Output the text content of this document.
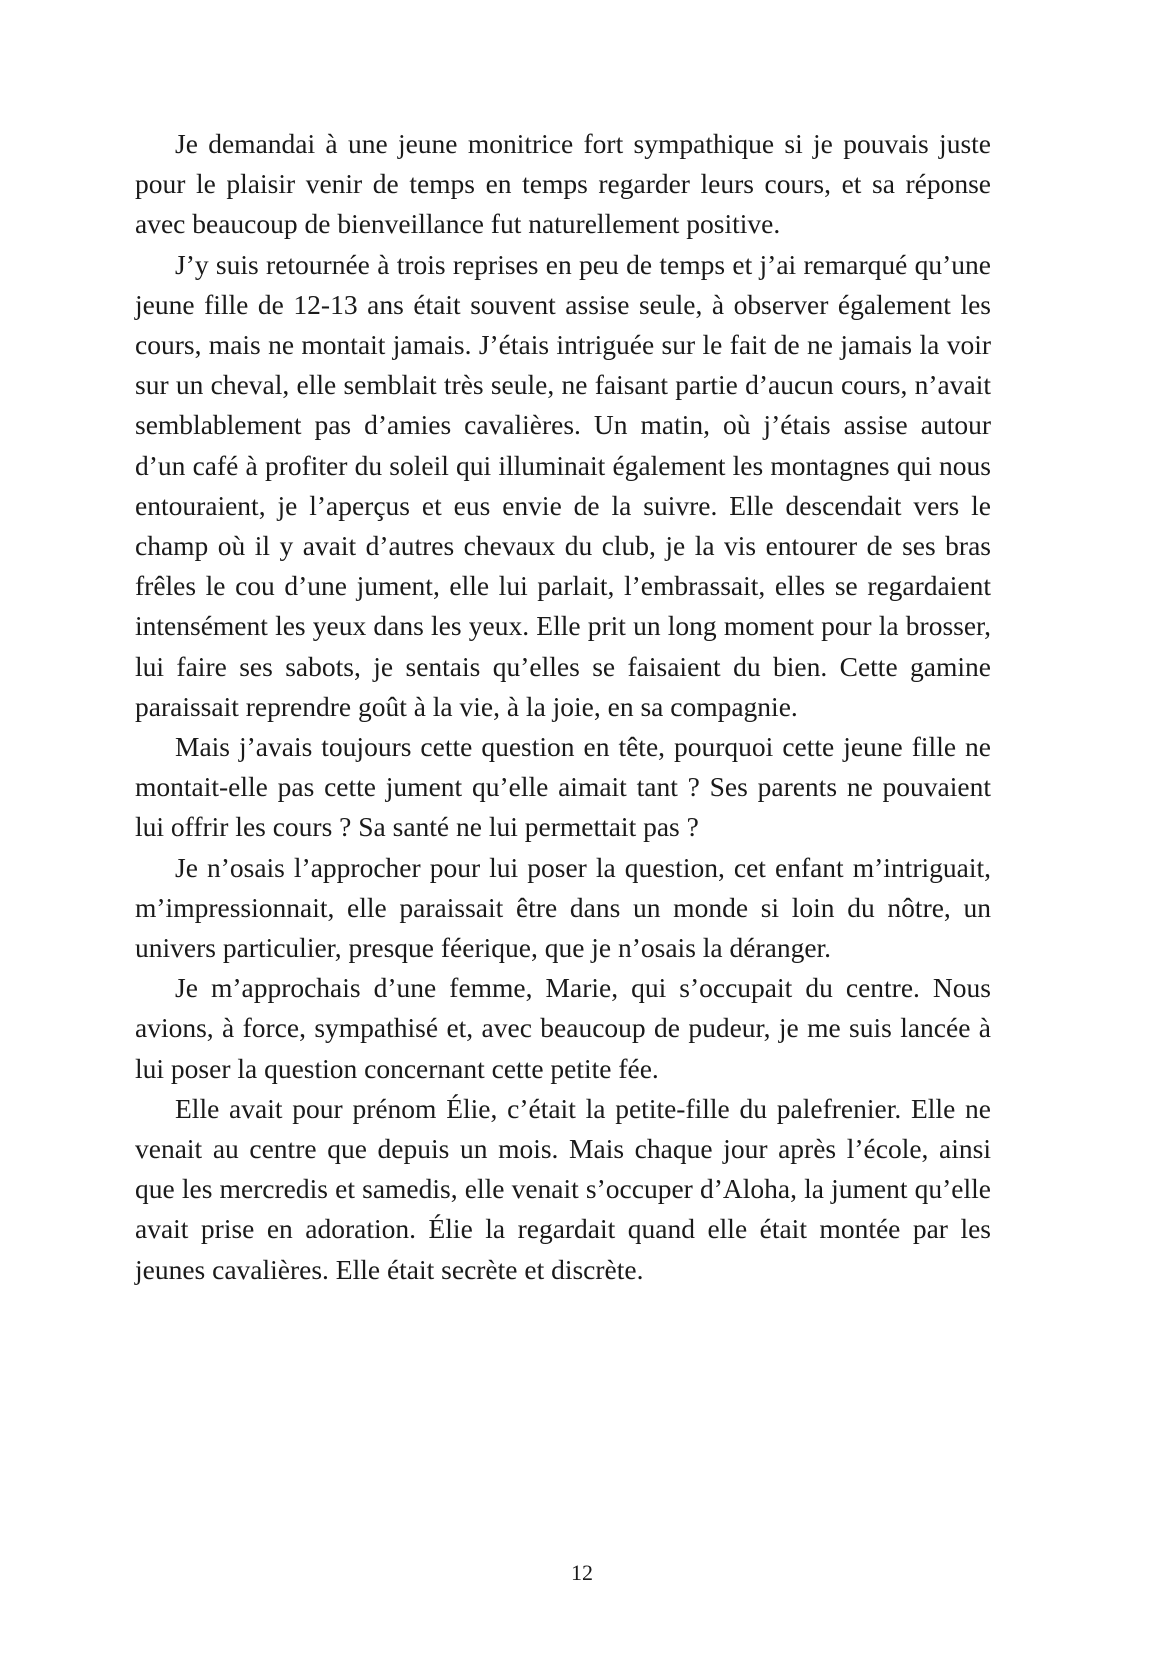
Je demandai à une jeune monitrice fort sympathique si je pouvais juste pour le plaisir venir de temps en temps regarder leurs cours, et sa réponse avec beaucoup de bienveillance fut naturellement positive.

J’y suis retournée à trois reprises en peu de temps et j’ai remarqué qu’une jeune fille de 12-13 ans était souvent assise seule, à observer également les cours, mais ne montait jamais. J’étais intriguée sur le fait de ne jamais la voir sur un cheval, elle semblait très seule, ne faisant partie d’aucun cours, n’avait semblablement pas d’amies cavalières. Un matin, où j’étais assise autour d’un café à profiter du soleil qui illuminait également les montagnes qui nous entouraient, je l’aperçus et eus envie de la suivre. Elle descendait vers le champ où il y avait d’autres chevaux du club, je la vis entourer de ses bras frêles le cou d’une jument, elle lui parlait, l’embrassait, elles se regardaient intensément les yeux dans les yeux. Elle prit un long moment pour la brosser, lui faire ses sabots, je sentais qu’elles se faisaient du bien. Cette gamine paraissait reprendre goût à la vie, à la joie, en sa compagnie.

Mais j’avais toujours cette question en tête, pourquoi cette jeune fille ne montait-elle pas cette jument qu’elle aimait tant ? Ses parents ne pouvaient lui offrir les cours ? Sa santé ne lui permettait pas ?

Je n’osais l’approcher pour lui poser la question, cet enfant m’intriguait, m’impressionnait, elle paraissait être dans un monde si loin du nôtre, un univers particulier, presque féerique, que je n’osais la déranger.

Je m’approchais d’une femme, Marie, qui s’occupait du centre. Nous avions, à force, sympathisé et, avec beaucoup de pudeur, je me suis lancée à lui poser la question concernant cette petite fée.

Elle avait pour prénom Élie, c’était la petite-fille du palefrenier. Elle ne venait au centre que depuis un mois. Mais chaque jour après l’école, ainsi que les mercredis et samedis, elle venait s’occuper d’Aloha, la jument qu’elle avait prise en adoration. Élie la regardait quand elle était montée par les jeunes cavalières. Elle était secrète et discrète.

12
